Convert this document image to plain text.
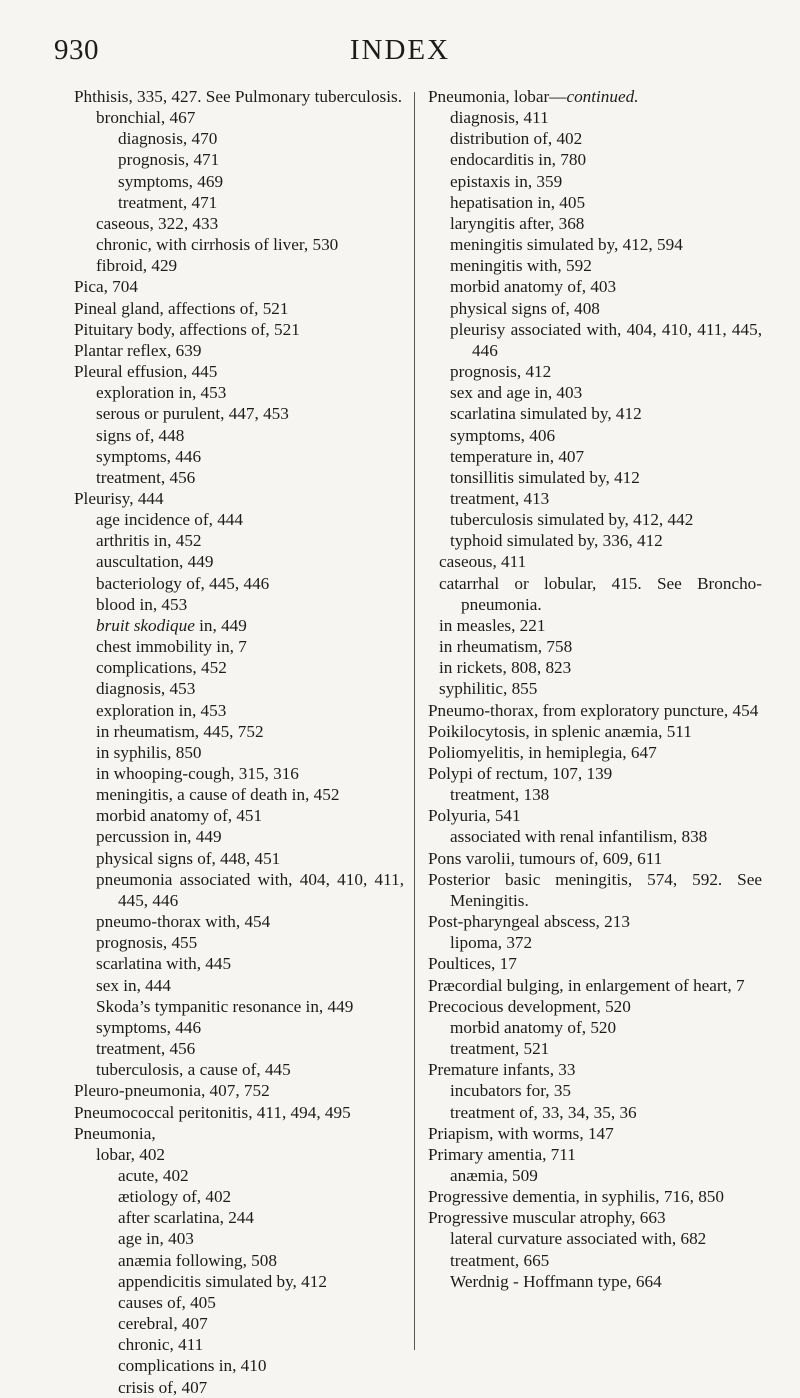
930	INDEX

Phthisis, 335, 427. See Pulmonary tuberculosis.

bronchial, 467

diagnosis, 470

prognosis, 471

symptoms, 469

treatment, 471

caseous, 322, 433

chronic, with cirrhosis of liver, 530

fibroid, 429

Pica, 704

Pineal gland, affections of, 521

Pituitary body, affections of, 521

Plantar reflex, 639

Pleural effusion, 445

exploration in, 453

serous or purulent, 447, 453

signs of, 448

symptoms, 446

treatment, 456

Pleurisy, 444

age incidence of, 444

arthritis in, 452

auscultation, 449

bacteriology of, 445, 446

blood in, 453

bruit skodique in, 449

chest immobility in, 7

complications, 452

diagnosis, 453

exploration in, 453

in rheumatism, 445, 752

in syphilis, 850

in whooping-cough, 315, 316

meningitis, a cause of death in, 452

morbid anatomy of, 451

percussion in, 449

physical signs of, 448, 451

pneumonia associated with, 404, 410, 411, 445, 446

pneumo-thorax with, 454

prognosis, 455

scarlatina with, 445

sex in, 444

Skoda’s tympanitic resonance in, 449

symptoms, 446

treatment, 456

tuberculosis, a cause of, 445

Pleuro-pneumonia, 407, 752

Pneumococcal peritonitis, 411, 494, 495

Pneumonia,

lobar, 402

acute, 402

ætiology of, 402

after scarlatina, 244

age in, 403

anæmia following, 508

appendicitis simulated by, 412

causes of, 405

cerebral, 407

chronic, 411

complications in, 410

crisis of, 407

Pneumonia, lobar—continued.

diagnosis, 411

distribution of, 402

endocarditis in, 780

epistaxis in, 359

hepatisation in, 405

laryngitis after, 368

meningitis simulated by, 412, 594

meningitis with, 592

morbid anatomy of, 403

physical signs of, 408

pleurisy associated with, 404, 410, 411, 445, 446

prognosis, 412

sex and age in, 403

scarlatina simulated by, 412

symptoms, 406

temperature in, 407

tonsillitis simulated by, 412

treatment, 413

tuberculosis simulated by, 412, 442

typhoid simulated by, 336, 412

caseous, 411

catarrhal or lobular, 415. See Broncho-pneumonia.

in measles, 221

in rheumatism, 758

in rickets, 808, 823

syphilitic, 855

Pneumo-thorax, from exploratory puncture, 454

Poikilocytosis, in splenic anæmia, 511

Poliomyelitis, in hemiplegia, 647

Polypi of rectum, 107, 139

treatment, 138

Polyuria, 541

associated with renal infantilism, 838

Pons varolii, tumours of, 609, 611

Posterior basic meningitis, 574, 592. See Meningitis.

Post-pharyngeal abscess, 213

lipoma, 372

Poultices, 17

Præcordial bulging, in enlargement of heart, 7

Precocious development, 520

morbid anatomy of, 520

treatment, 521

Premature infants, 33

incubators for, 35

treatment of, 33, 34, 35, 36

Priapism, with worms, 147

Primary amentia, 711

anæmia, 509

Progressive dementia, in syphilis, 716, 850

Progressive muscular atrophy, 663

lateral curvature associated with, 682

treatment, 665

Werdnig - Hoffmann type, 664
